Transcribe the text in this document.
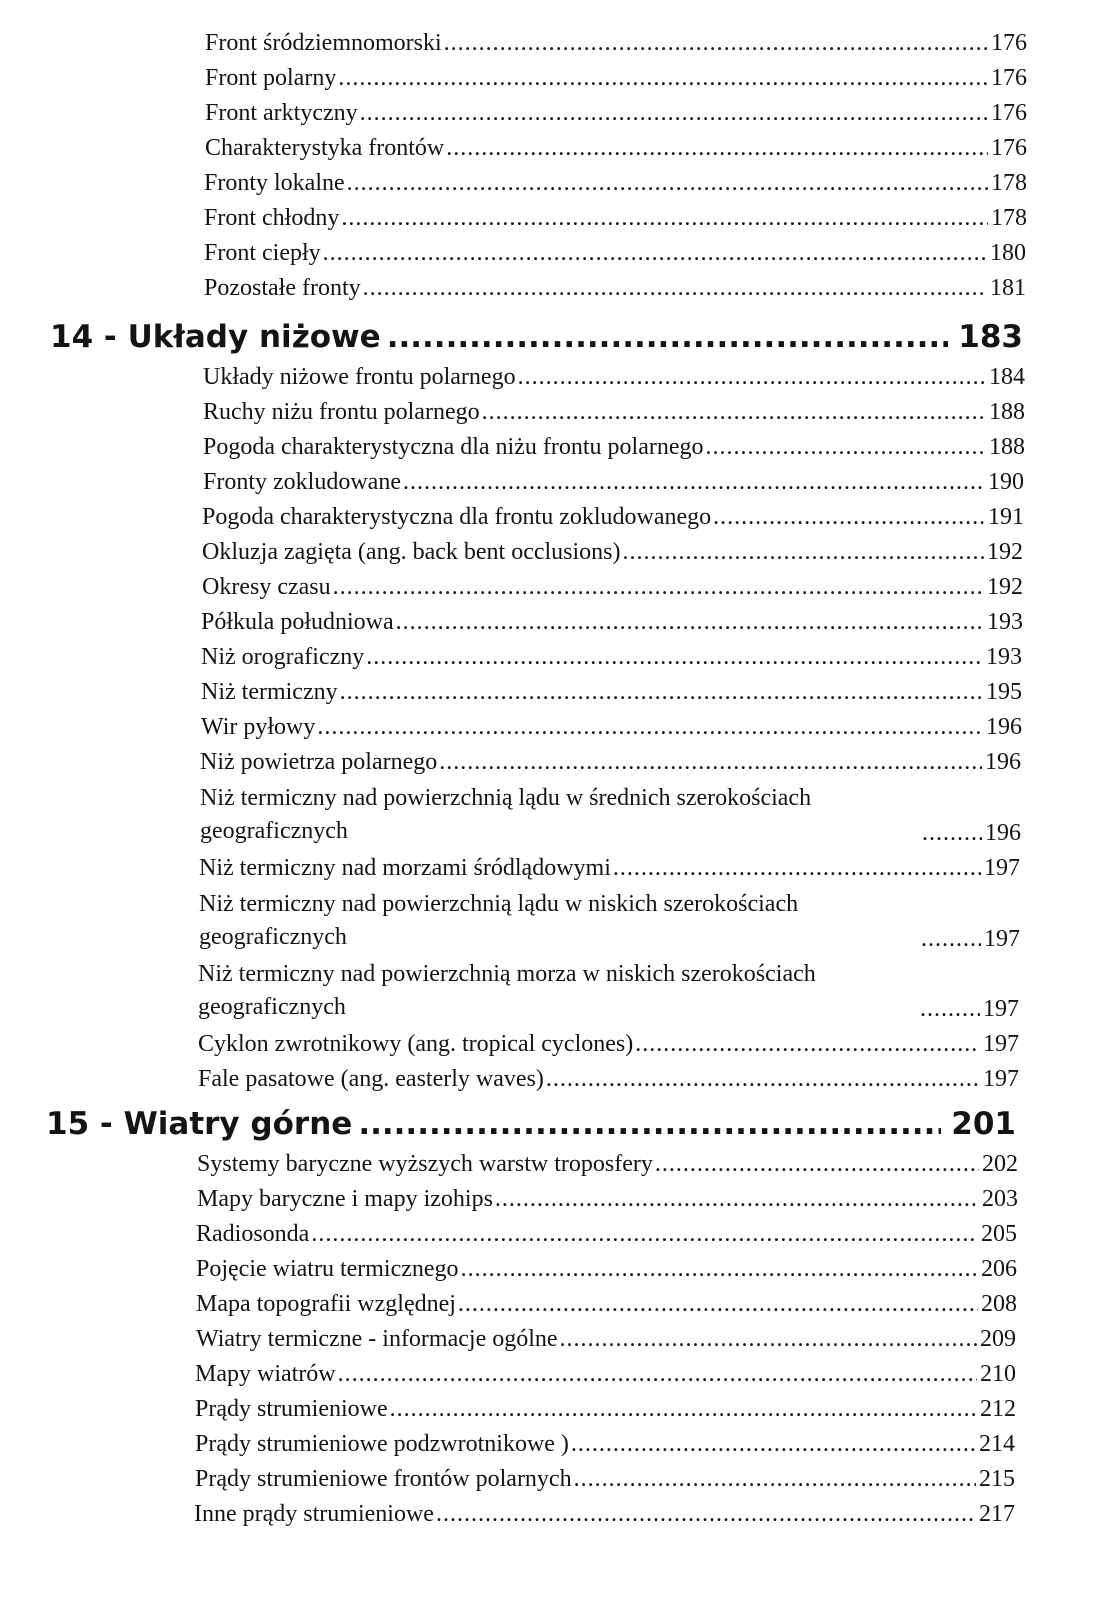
Front śródziemnomorski .....	176
Front polarny .....	176
Front arktyczny .....	176
Charakterystyka frontów .....	176
Fronty lokalne .....	178
Front chłodny .....	178
Front ciepły .....	180
Pozostałe fronty .....	181
14 - Układy niżowe .....	183
Układy niżowe frontu polarnego .....	184
Ruchy niżu frontu polarnego .....	188
Pogoda charakterystyczna dla niżu frontu polarnego .....	188
Fronty zokludowane .....	190
Pogoda charakterystyczna dla frontu zokludowanego .....	191
Okluzja zagięta (ang. back bent occlusions) .....	192
Okresy czasu .....	192
Półkula południowa .....	193
Niż orograficzny .....	193
Niż termiczny .....	195
Wir pyłowy .....	196
Niż powietrza polarnego .....	196
Niż termiczny nad powierzchnią lądu w średnich szerokościach geograficznych .....	196
Niż termiczny nad morzami śródlądowymi .....	197
Niż termiczny nad powierzchnią lądu w niskich szerokościach geograficznych .....	197
Niż termiczny nad powierzchnią morza w niskich szerokościach geograficznych .....	197
Cyklon zwrotnikowy (ang. tropical cyclones) .....	197
Fale pasatowe (ang. easterly waves) .....	197
15 - Wiatry górne .....	201
Systemy baryczne wyższych warstw troposfery .....	202
Mapy baryczne i mapy izohips .....	203
Radiosonda .....	205
Pojęcie wiatru termicznego .....	206
Mapa topografii względnej .....	208
Wiatry termiczne - informacje ogólne .....	209
Mapy wiatrów .....	210
Prądy strumieniowe .....	212
Prądy strumieniowe podzwrotnikowe ) .....	214
Prądy strumieniowe frontów polarnych .....	215
Inne prądy strumieniowe .....	217
